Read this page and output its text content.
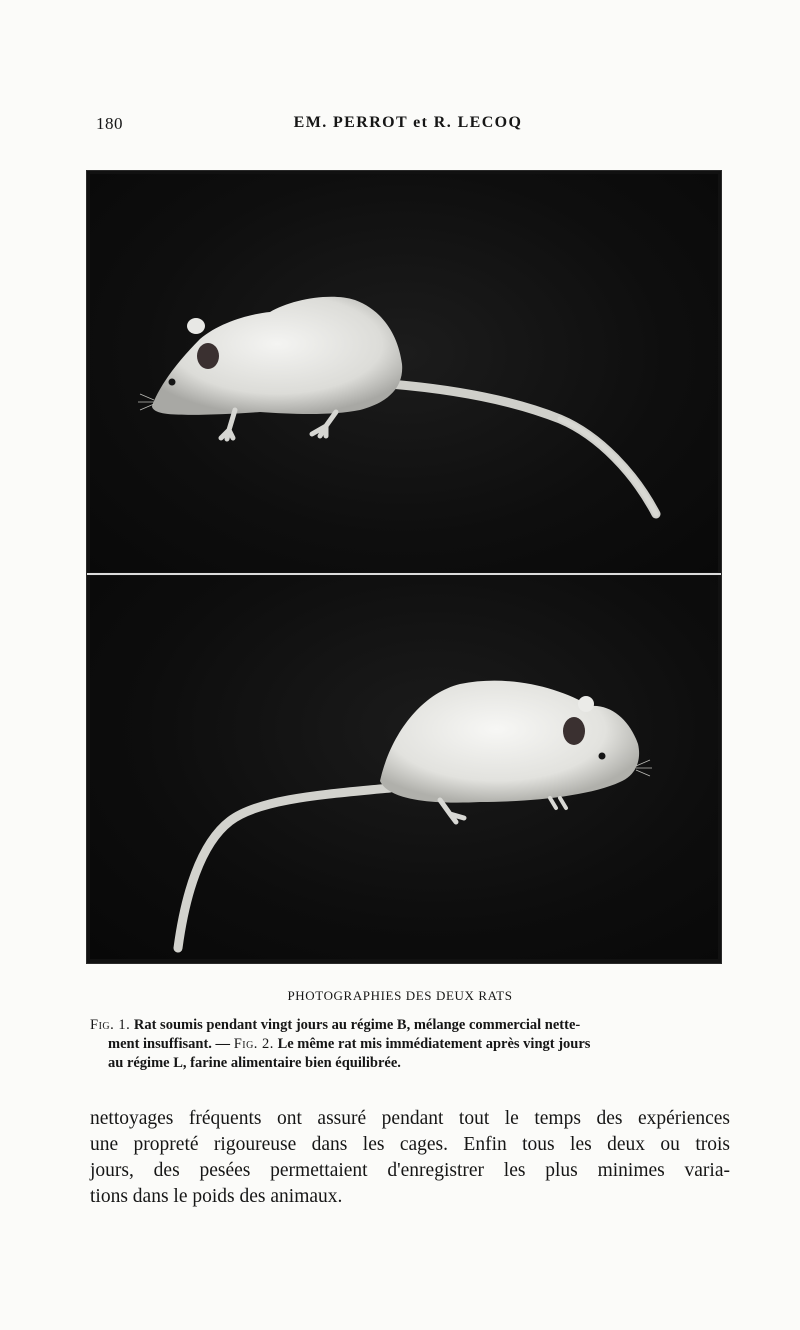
180	EM. PERROT et R. LECOQ
PHOTOGRAPHIES DES DEUX RATS
Fig. 1. Rat soumis pendant vingt jours au régime B, mélange commercial nette-
ment insuffisant. — Fig. 2. Le même rat mis immédiatement après vingt jours
au régime L, farine alimentaire bien équilibrée.
nettoyages fréquents ont assuré pendant tout le temps des expériences
une propreté rigoureuse dans les cages. Enfin tous les deux ou trois
jours, des pesées permettaient d'enregistrer les plus minimes varia-
tions dans le poids des animaux.
